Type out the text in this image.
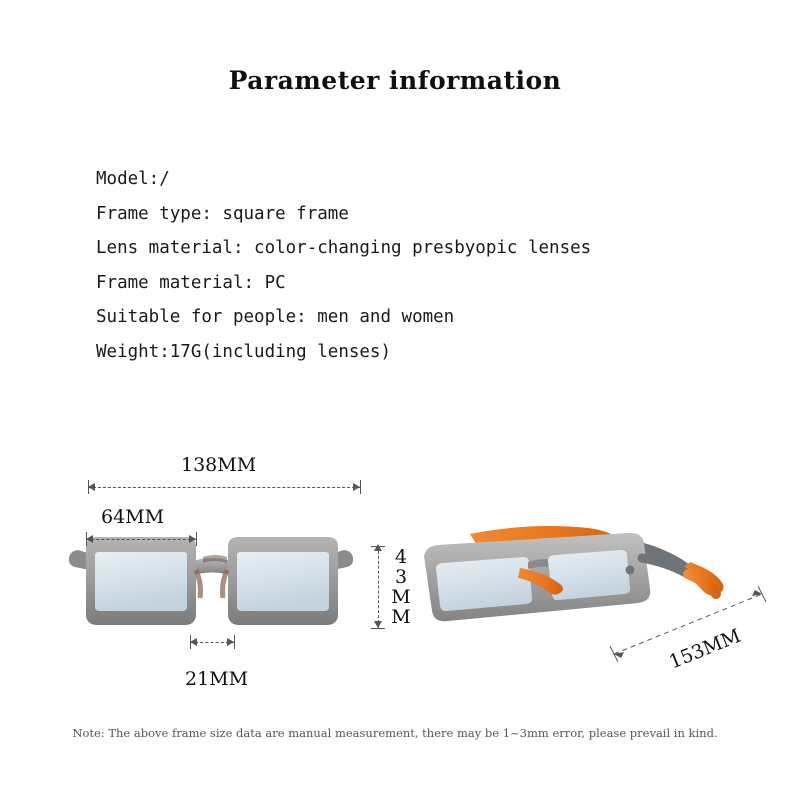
Parameter information
Model:/
Frame type: square frame
Lens material: color-changing presbyopic lenses
Frame material: PC
Suitable for people: men and women
Weight:17G(including lenses)
138MM
64MM
43MM
21MM
153MM
Note: The above frame size data are manual measurement, there may be 1~3mm error, please prevail in kind.
